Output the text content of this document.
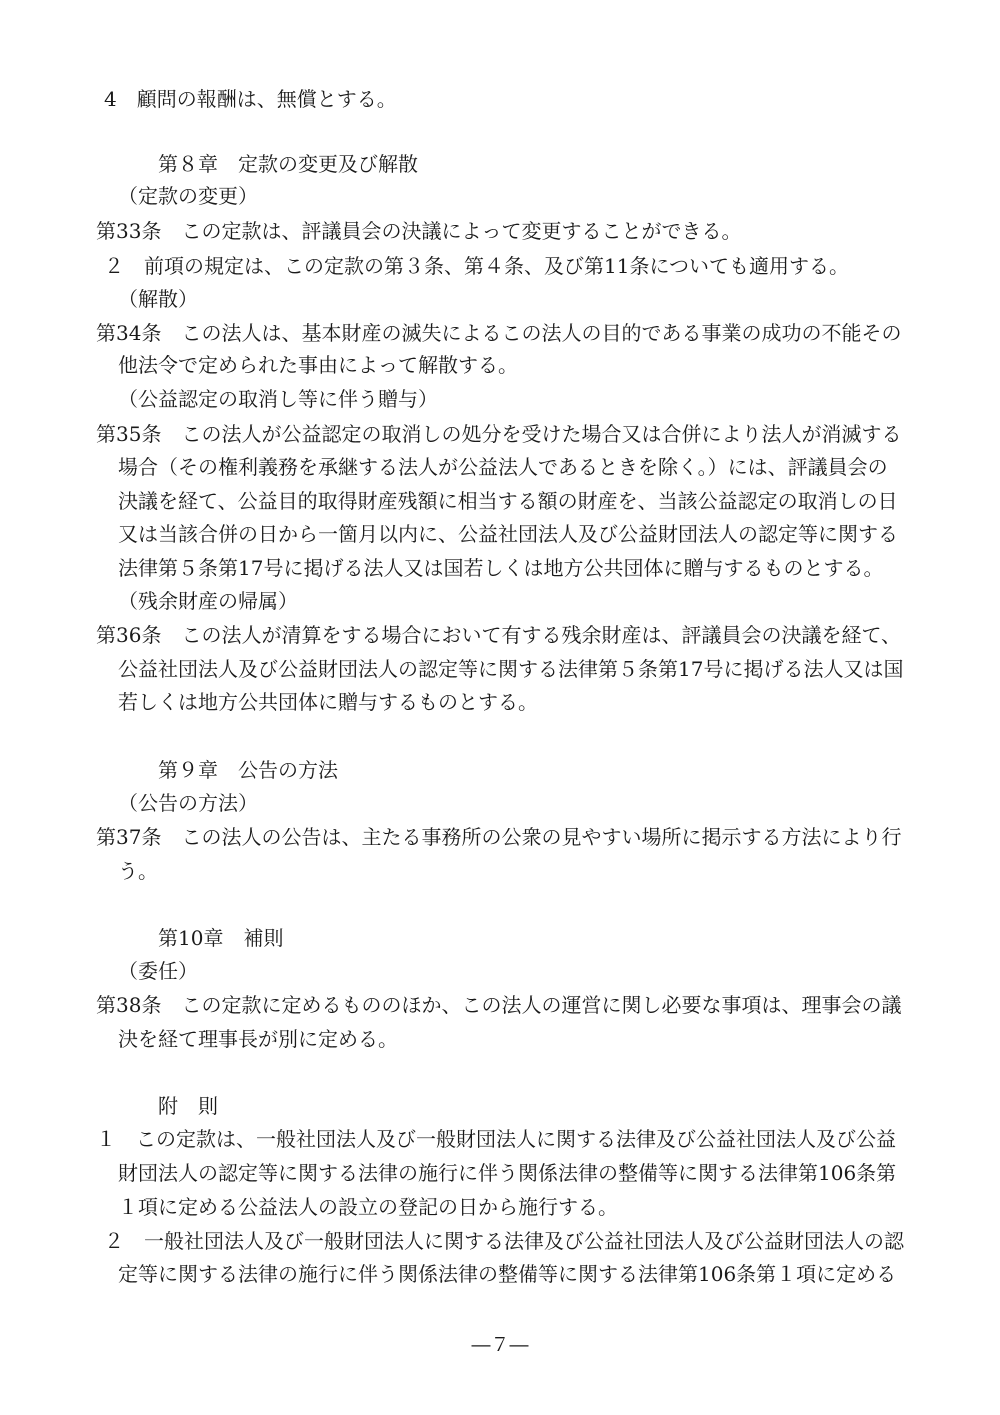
4　顧問の報酬は、無償とする。
第８章　定款の変更及び解散
（定款の変更）
第33条　この定款は、評議員会の決議によって変更することができる。
２　前項の規定は、この定款の第３条、第４条、及び第11条についても適用する。
（解散）
第34条　この法人は、基本財産の滅失によるこの法人の目的である事業の成功の不能その
他法令で定められた事由によって解散する。
（公益認定の取消し等に伴う贈与）
第35条　この法人が公益認定の取消しの処分を受けた場合又は合併により法人が消滅する
場合（その権利義務を承継する法人が公益法人であるときを除く。）には、評議員会の
決議を経て、公益目的取得財産残額に相当する額の財産を、当該公益認定の取消しの日
又は当該合併の日から一箇月以内に、公益社団法人及び公益財団法人の認定等に関する
法律第５条第17号に掲げる法人又は国若しくは地方公共団体に贈与するものとする。
（残余財産の帰属）
第36条　この法人が清算をする場合において有する残余財産は、評議員会の決議を経て、
公益社団法人及び公益財団法人の認定等に関する法律第５条第17号に掲げる法人又は国
若しくは地方公共団体に贈与するものとする。
第９章　公告の方法
（公告の方法）
第37条　この法人の公告は、主たる事務所の公衆の見やすい場所に掲示する方法により行
う。
第10章　補則
（委任）
第38条　この定款に定めるもののほか、この法人の運営に関し必要な事項は、理事会の議
決を経て理事長が別に定める。
附　則
１　この定款は、一般社団法人及び一般財団法人に関する法律及び公益社団法人及び公益
財団法人の認定等に関する法律の施行に伴う関係法律の整備等に関する法律第106条第
１項に定める公益法人の設立の登記の日から施行する。
２　一般社団法人及び一般財団法人に関する法律及び公益社団法人及び公益財団法人の認
定等に関する法律の施行に伴う関係法律の整備等に関する法律第106条第１項に定める
―７―
